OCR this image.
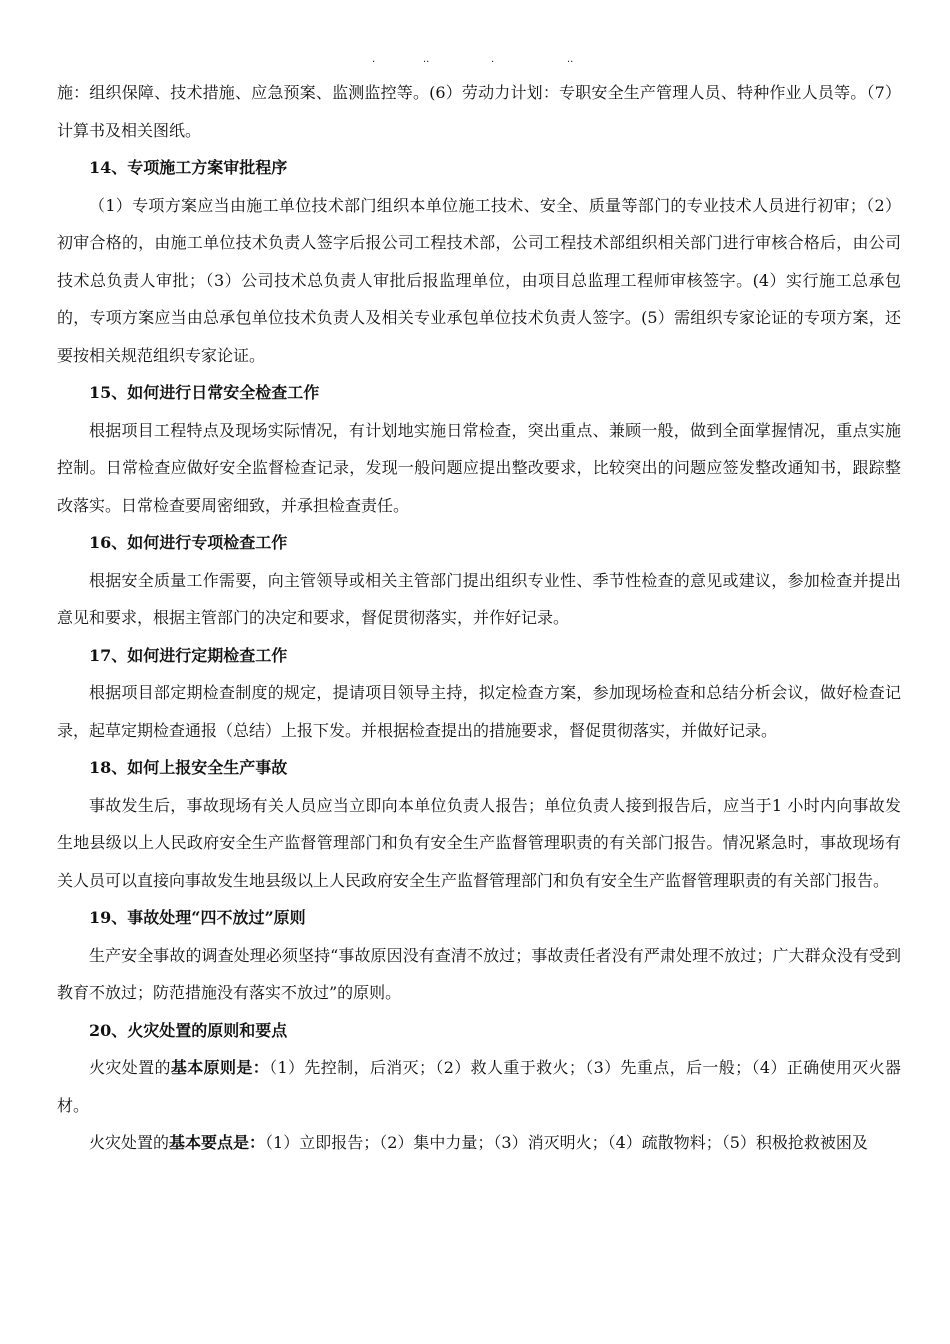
.	..	.	..

施：组织保障、技术措施、应急预案、监测监控等。(6）劳动力计划：专职安全生产管理人员、特种作业人员等。（7）计算书及相关图纸。

14、专项施工方案审批程序

（1）专项方案应当由施工单位技术部门组织本单位施工技术、安全、质量等部门的专业技术人员进行初审；（2）初审合格的，由施工单位技术负责人签字后报公司工程技术部，公司工程技术部组织相关部门进行审核合格后，由公司技术总负责人审批；（3）公司技术总负责人审批后报监理单位，由项目总监理工程师审核签字。(4）实行施工总承包的，专项方案应当由总承包单位技术负责人及相关专业承包单位技术负责人签字。(5）需组织专家论证的专项方案，还要按相关规范组织专家论证。

15、如何进行日常安全检查工作

根据项目工程特点及现场实际情况，有计划地实施日常检查，突出重点、兼顾一般，做到全面掌握情况，重点实施控制。日常检查应做好安全监督检查记录，发现一般问题应提出整改要求，比较突出的问题应签发整改通知书，跟踪整改落实。日常检查要周密细致，并承担检查责任。

16、如何进行专项检查工作

根据安全质量工作需要，向主管领导或相关主管部门提出组织专业性、季节性检查的意见或建议，参加检查并提出意见和要求，根据主管部门的决定和要求，督促贯彻落实，并作好记录。

17、如何进行定期检查工作

根据项目部定期检查制度的规定，提请项目领导主持，拟定检查方案，参加现场检查和总结分析会议，做好检查记录，起草定期检查通报（总结）上报下发。并根据检查提出的措施要求，督促贯彻落实，并做好记录。

18、如何上报安全生产事故

事故发生后，事故现场有关人员应当立即向本单位负责人报告；单位负责人接到报告后，应当于1 小时内向事故发生地县级以上人民政府安全生产监督管理部门和负有安全生产监督管理职责的有关部门报告。情况紧急时，事故现场有关人员可以直接向事故发生地县级以上人民政府安全生产监督管理部门和负有安全生产监督管理职责的有关部门报告。

19、事故处理“四不放过”原则

生产安全事故的调查处理必须坚持“事故原因没有查清不放过；事故责任者没有严肃处理不放过；广大群众没有受到教育不放过；防范措施没有落实不放过”的原则。

20、火灾处置的原则和要点

火灾处置的基本原则是：（1）先控制，后消灭；（2）救人重于救火；（3）先重点，后一般；（4）正确使用灭火器材。

火灾处置的基本要点是：（1）立即报告；（2）集中力量；（3）消灭明火；（4）疏散物料；（5）积极抢救被困及
